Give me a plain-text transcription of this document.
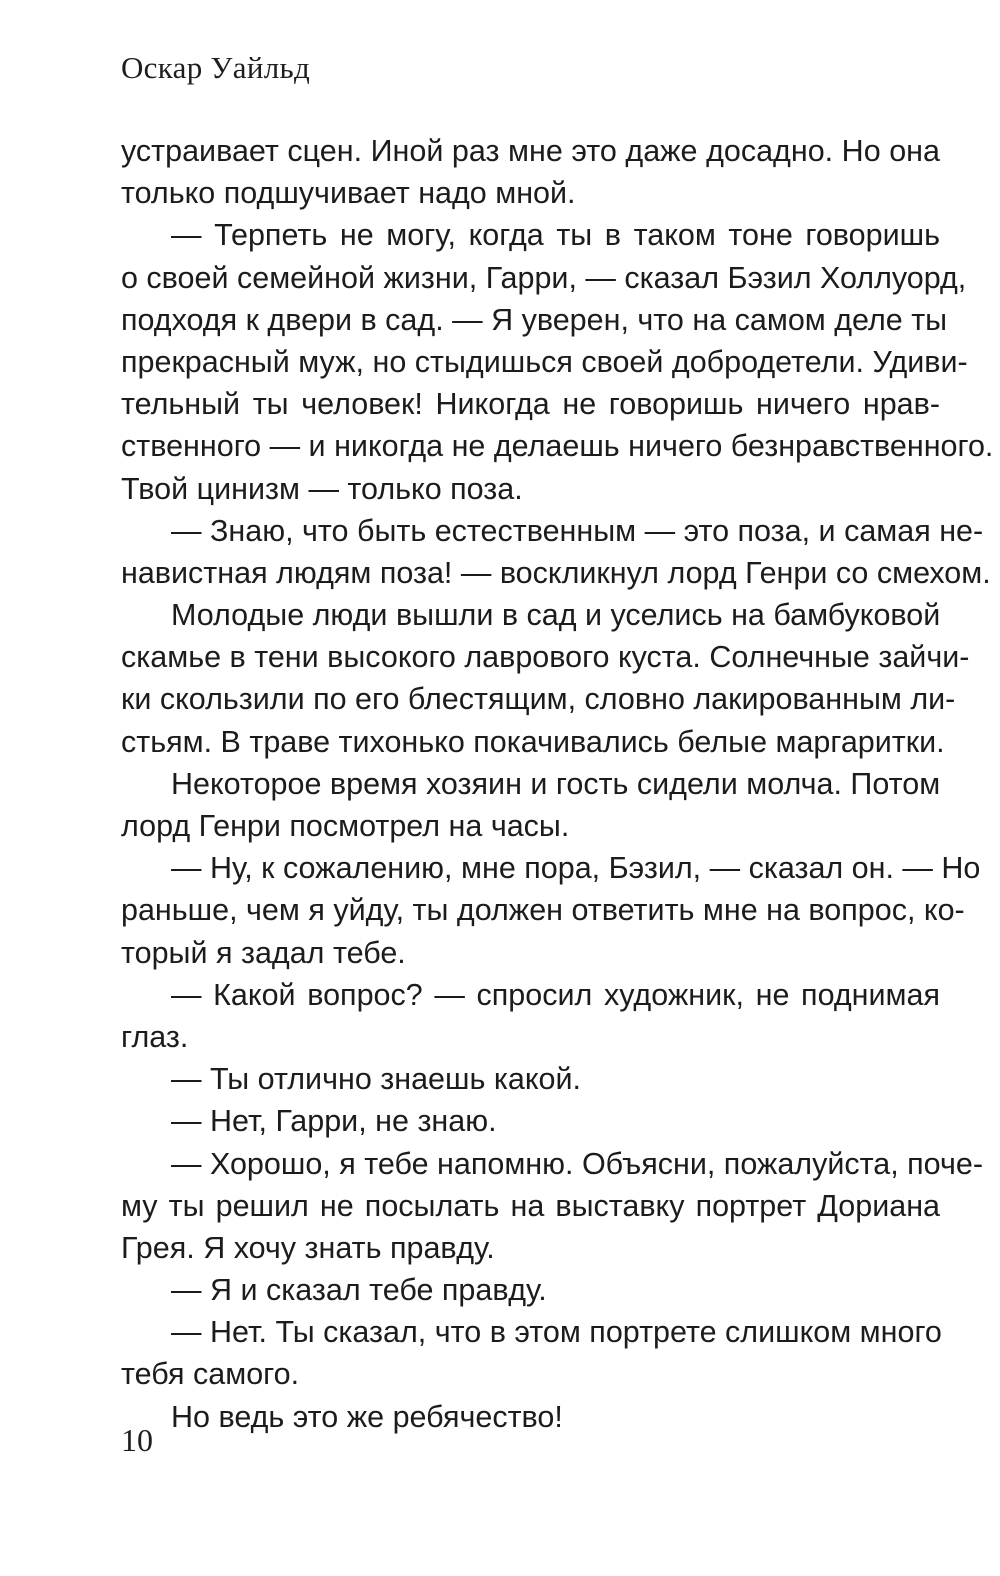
Оскар Уайльд
устраивает сцен. Иной раз мне это даже досадно. Но она
только подшучивает надо мной.
— Терпеть не могу, когда ты в таком тоне говоришь
о своей семейной жизни, Гарри, — сказал Бэзил Холлуорд,
подходя к двери в сад. — Я уверен, что на самом деле ты
прекрасный муж, но стыдишься своей добродетели. Удиви-
тельный ты человек! Никогда не говоришь ничего нрав-
ственного — и никогда не делаешь ничего безнравственного.
Твой цинизм — только поза.
— Знаю, что быть естественным — это поза, и самая не-
навистная людям поза! — воскликнул лорд Генри со смехом.
Молодые люди вышли в сад и уселись на бамбуковой
скамье в тени высокого лаврового куста. Солнечные зайчи-
ки скользили по его блестящим, словно лакированным ли-
стьям. В траве тихонько покачивались белые маргаритки.
Некоторое время хозяин и гость сидели молча. Потом
лорд Генри посмотрел на часы.
— Ну, к сожалению, мне пора, Бэзил, — сказал он. — Но
раньше, чем я уйду, ты должен ответить мне на вопрос, ко-
торый я задал тебе.
— Какой вопрос? — спросил художник, не поднимая
глаз.
— Ты отлично знаешь какой.
— Нет, Гарри, не знаю.
— Хорошо, я тебе напомню. Объясни, пожалуйста, поче-
му ты решил не посылать на выставку портрет Дориана
Грея. Я хочу знать правду.
— Я и сказал тебе правду.
— Нет. Ты сказал, что в этом портрете слишком много
тебя самого.
Но ведь это же ребячество!
10
